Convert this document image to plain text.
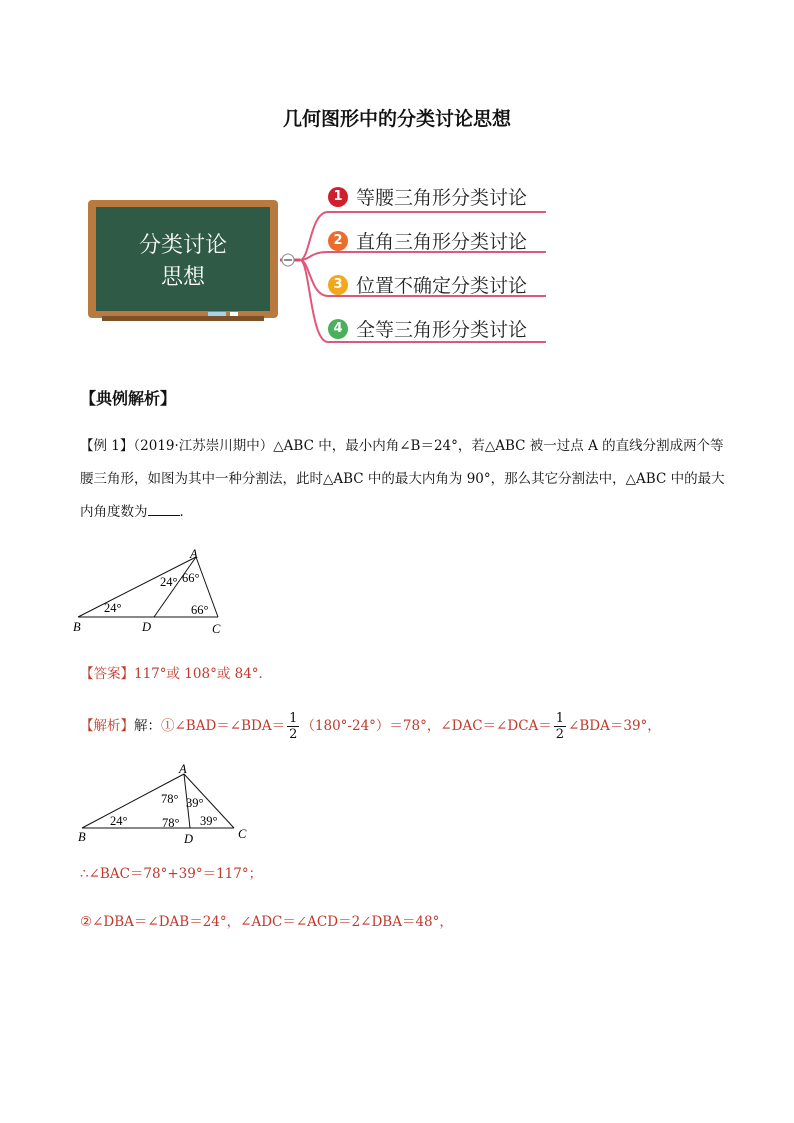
几何图形中的分类讨论思想
分类讨论
思想
1 等腰三角形分类讨论
2 直角三角形分类讨论
3 位置不确定分类讨论
4 全等三角形分类讨论
【典例解析】
【例 1】（2019·江苏崇川期中）△ABC 中，最小内角∠B＝24°，若△ABC 被一过点 A 的直线分割成两个等
腰三角形，如图为其中一种分割法，此时△ABC 中的最大内角为 90°，那么其它分割法中，△ABC 中的最大
内角度数为 ．
A
B	C
D
24° 66°
24°	66°
【答案】117°或 108°或 84°．
【解析】解：①∠BAD＝∠BDA＝ $\frac{1}{2} (180^\circ-24^\circ)=78^\circ$，∠DAC＝∠DCA＝ $\frac{1}{2}$ ∠BDA＝39°，
A
B	C
D
78° 39°
24°	78° 39°
∴∠BAC＝78°+39°＝117°；
②∠DBA＝∠DAB＝24°，∠ADC＝∠ACD＝2∠DBA＝48°，
